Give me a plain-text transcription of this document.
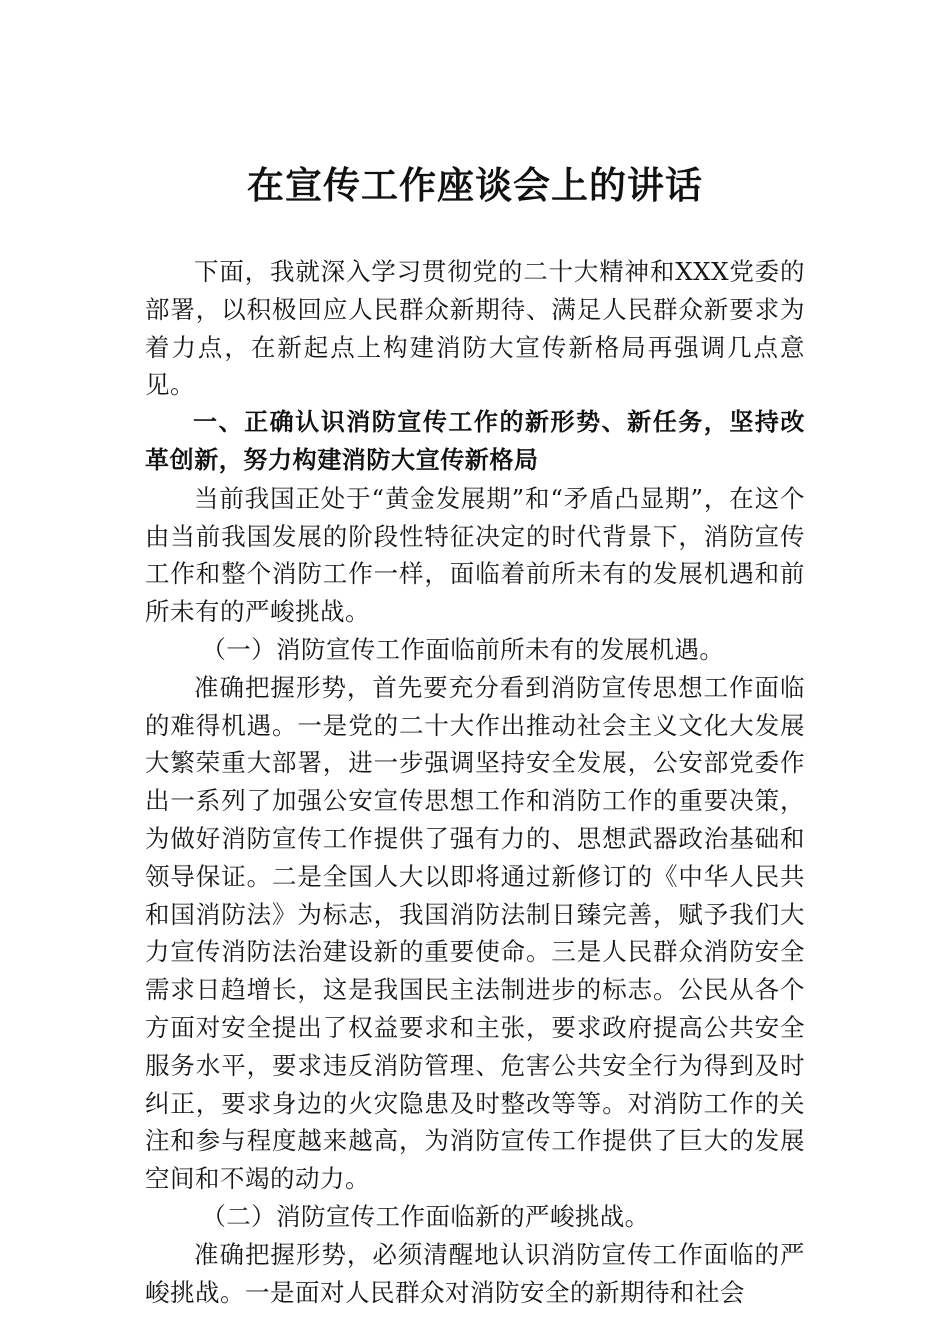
在宣传工作座谈会上的讲话

下面，我就深入学习贯彻党的二十大精神和XXX党委的部署，以积极回应人民群众新期待、满足人民群众新要求为着力点，在新起点上构建消防大宣传新格局再强调几点意见。

一、正确认识消防宣传工作的新形势、新任务，坚持改革创新，努力构建消防大宣传新格局

当前我国正处于“黄金发展期”和“矛盾凸显期”，在这个由当前我国发展的阶段性特征决定的时代背景下，消防宣传工作和整个消防工作一样，面临着前所未有的发展机遇和前所未有的严峻挑战。

（一）消防宣传工作面临前所未有的发展机遇。

准确把握形势，首先要充分看到消防宣传思想工作面临的难得机遇。一是党的二十大作出推动社会主义文化大发展大繁荣重大部署，进一步强调坚持安全发展，公安部党委作出一系列了加强公安宣传思想工作和消防工作的重要决策，为做好消防宣传工作提供了强有力的、思想武器政治基础和领导保证。二是全国人大以即将通过新修订的《中华人民共和国消防法》为标志，我国消防法制日臻完善，赋予我们大力宣传消防法治建设新的重要使命。三是人民群众消防安全需求日趋增长，这是我国民主法制进步的标志。公民从各个方面对安全提出了权益要求和主张，要求政府提高公共安全服务水平，要求违反消防管理、危害公共安全行为得到及时纠正，要求身边的火灾隐患及时整改等等。对消防工作的关注和参与程度越来越高，为消防宣传工作提供了巨大的发展空间和不竭的动力。

（二）消防宣传工作面临新的严峻挑战。

准确把握形势，必须清醒地认识消防宣传工作面临的严峻挑战。一是面对人民群众对消防安全的新期待和社会
